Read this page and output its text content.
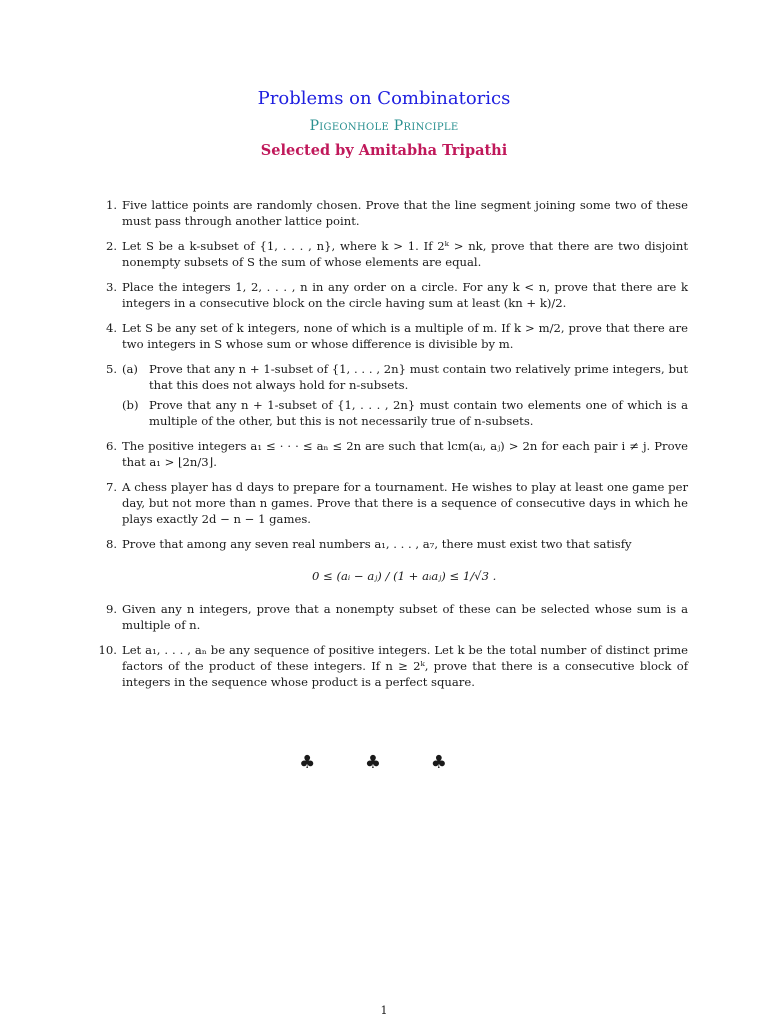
Problems on Combinatorics
Pigeonhole Principle
Selected by Amitabha Tripathi
1. Five lattice points are randomly chosen. Prove that the line segment joining some two of these must pass through another lattice point.
2. Let S be a k-subset of {1, . . . , n}, where k > 1. If 2ᵏ > nk, prove that there are two disjoint nonempty subsets of S the sum of whose elements are equal.
3. Place the integers 1, 2, . . . , n in any order on a circle. For any k < n, prove that there are k integers in a consecutive block on the circle having sum at least (kn + k)/2.
4. Let S be any set of k integers, none of which is a multiple of m. If k > m/2, prove that there are two integers in S whose sum or whose difference is divisible by m.
5. (a) Prove that any n + 1-subset of {1, . . . , 2n} must contain two relatively prime integers, but that this does not always hold for n-subsets.
(b) Prove that any n + 1-subset of {1, . . . , 2n} must contain two elements one of which is a multiple of the other, but this is not necessarily true of n-subsets.
6. The positive integers a₁ ≤ · · · ≤ aₙ ≤ 2n are such that lcm(aᵢ, aⱼ) > 2n for each pair i ≠ j. Prove that a₁ > ⌊2n/3⌋.
7. A chess player has d days to prepare for a tournament. He wishes to play at least one game per day, but not more than n games. Prove that there is a sequence of consecutive days in which he plays exactly 2d − n − 1 games.
8. Prove that among any seven real numbers a₁, . . . , a₇, there must exist two that satisfy
0 ≤ (aᵢ − aⱼ) / (1 + aᵢaⱼ) ≤ 1/√3 .
9. Given any n integers, prove that a nonempty subset of these can be selected whose sum is a multiple of n.
10. Let a₁, . . . , aₙ be any sequence of positive integers. Let k be the total number of distinct prime factors of the product of these integers. If n ≥ 2ᵏ, prove that there is a consecutive block of integers in the sequence whose product is a perfect square.
♣ ♣ ♣
1
